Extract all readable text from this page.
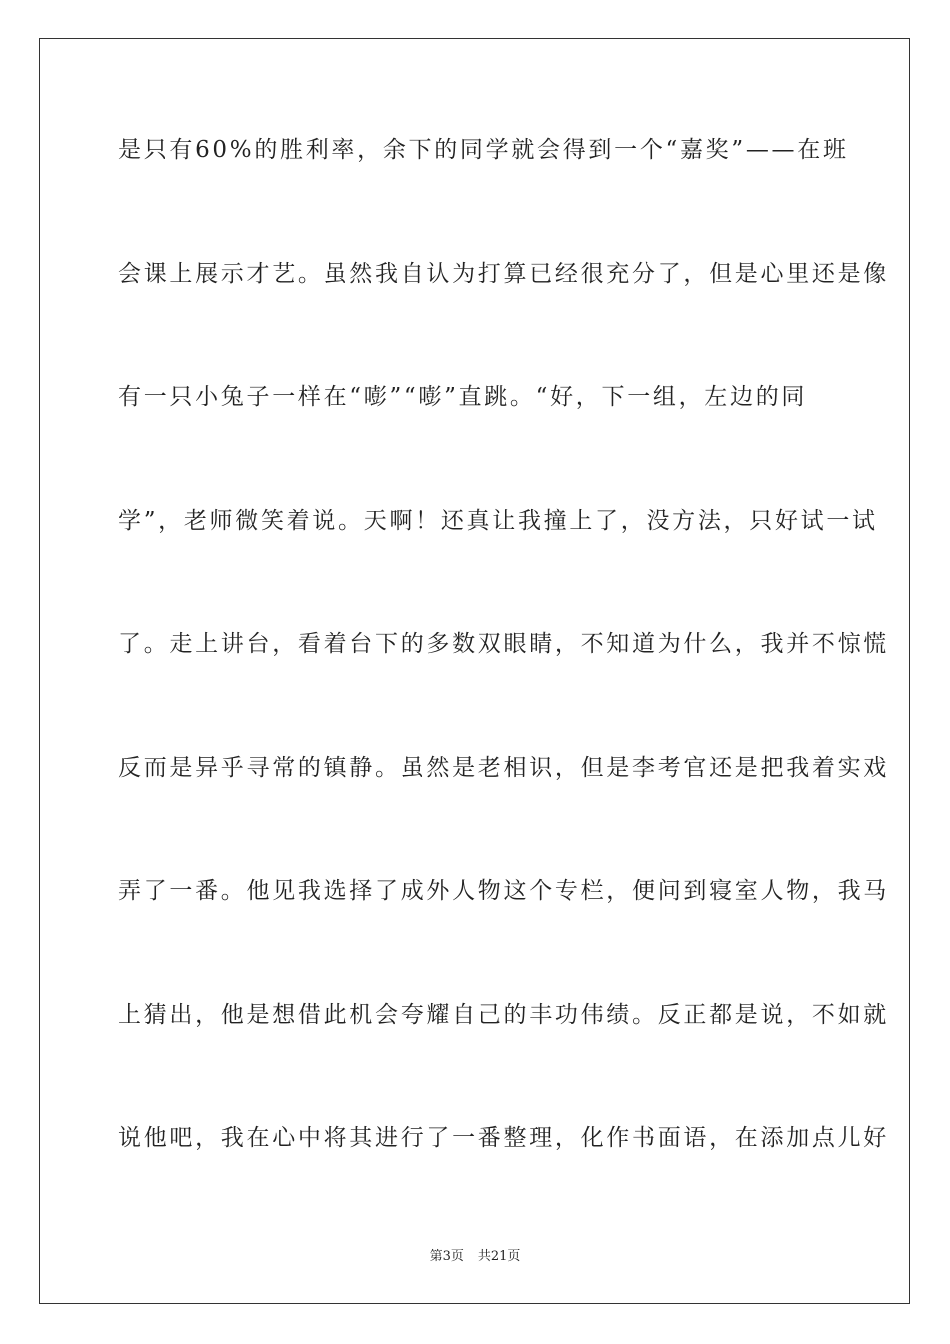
是只有60%的胜利率，余下的同学就会得到一个“嘉奖”——在班
会课上展示才艺。虽然我自认为打算已经很充分了，但是心里还是像
有一只小兔子一样在“嘭”“嘭”直跳。“好，下一组，左边的同
学”，老师微笑着说。天啊！还真让我撞上了，没方法，只好试一试
了。走上讲台，看着台下的多数双眼睛，不知道为什么，我并不惊慌
反而是异乎寻常的镇静。虽然是老相识，但是李考官还是把我着实戏
弄了一番。他见我选择了成外人物这个专栏，便问到寝室人物，我马
上猜出，他是想借此机会夸耀自己的丰功伟绩。反正都是说，不如就
说他吧，我在心中将其进行了一番整理，化作书面语，在添加点儿好
第3页 共21页
